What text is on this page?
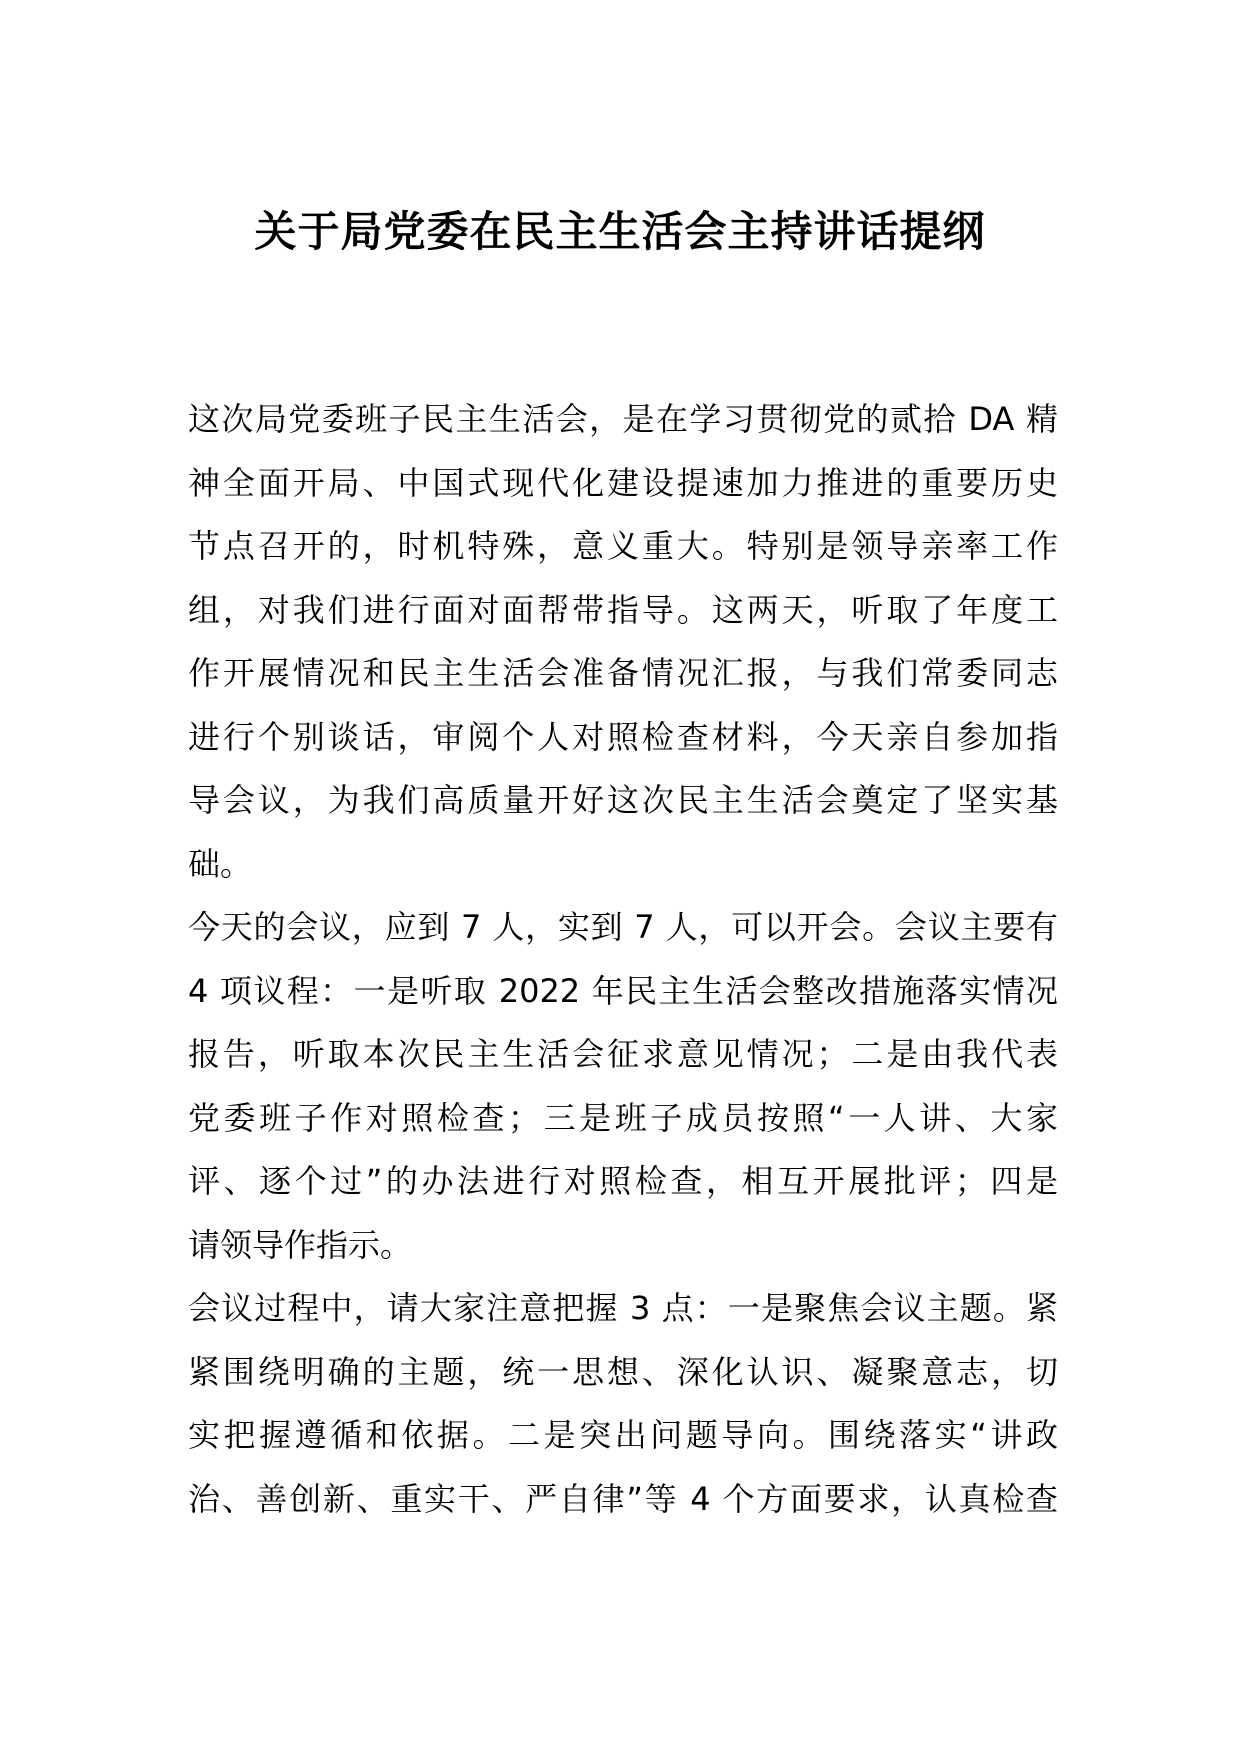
关于局党委在民主生活会主持讲话提纲
这次局党委班子民主生活会，是在学习贯彻党的贰拾 DA 精
神全面开局、中国式现代化建设提速加力推进的重要历史
节点召开的，时机特殊，意义重大。特别是领导亲率工作
组，对我们进行面对面帮带指导。这两天，听取了年度工
作开展情况和民主生活会准备情况汇报，与我们常委同志
进行个别谈话，审阅个人对照检查材料，今天亲自参加指
导会议，为我们高质量开好这次民主生活会奠定了坚实基
础。
今天的会议，应到 7 人，实到 7 人，可以开会。会议主要有
4 项议程：一是听取 2022 年民主生活会整改措施落实情况
报告，听取本次民主生活会征求意见情况；二是由我代表
党委班子作对照检查；三是班子成员按照“一人讲、大家
评、逐个过”的办法进行对照检查，相互开展批评；四是
请领导作指示。
会议过程中，请大家注意把握 3 点：一是聚焦会议主题。紧
紧围绕明确的主题，统一思想、深化认识、凝聚意志，切
实把握遵循和依据。二是突出问题导向。围绕落实“讲政
治、善创新、重实干、严自律”等 4 个方面要求，认真检查
